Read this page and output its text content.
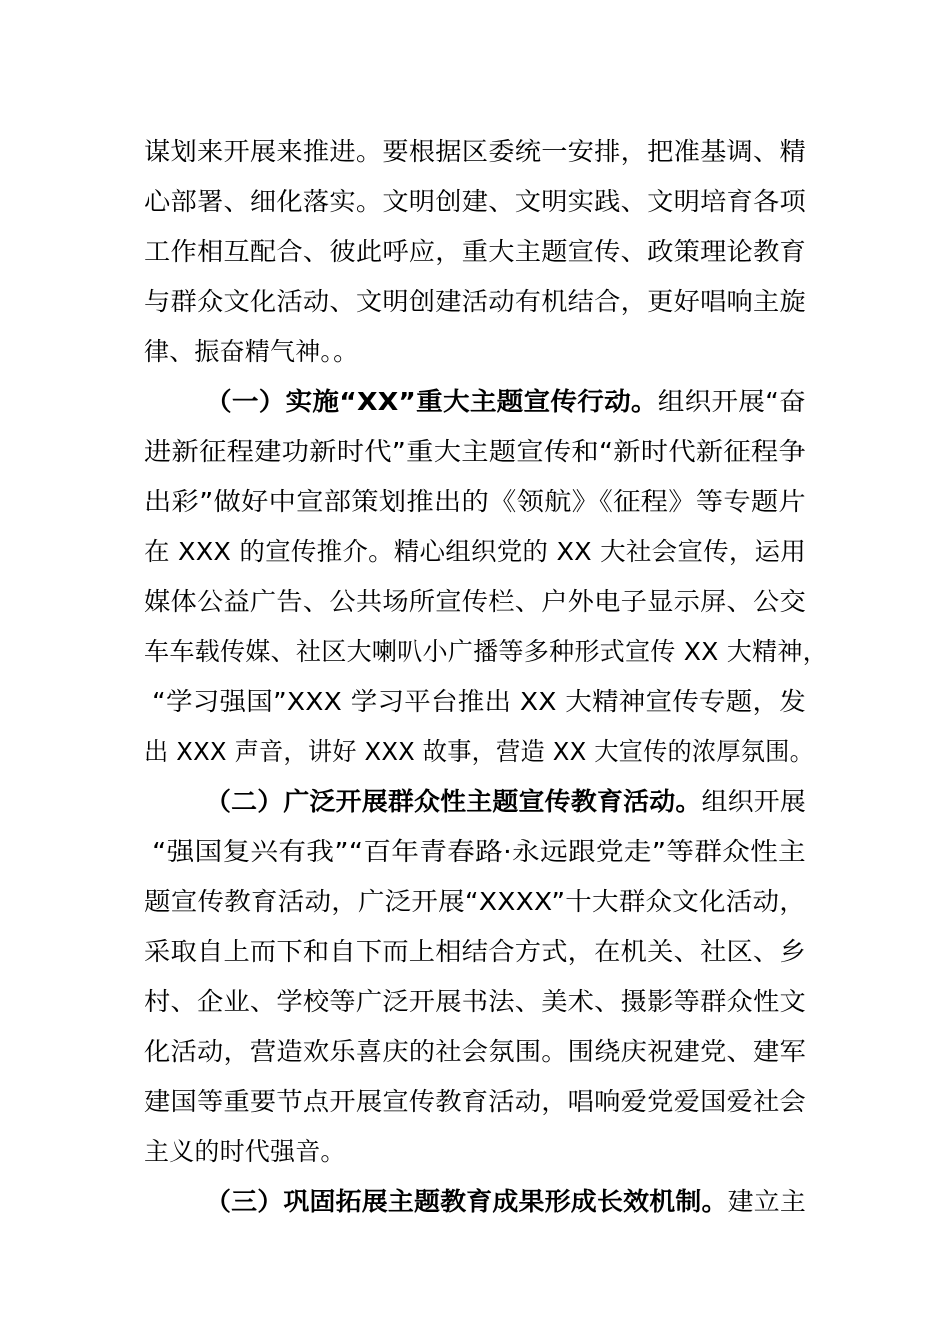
谋划来开展来推进。要根据区委统一安排，把准基调、精
心部署、细化落实。文明创建、文明实践、文明培育各项
工作相互配合、彼此呼应，重大主题宣传、政策理论教育
与群众文化活动、文明创建活动有机结合，更好唱响主旋
律、振奋精气神。。
（一）实施“XX”重大主题宣传行动。组织开展“奋
进新征程建功新时代”重大主题宣传和“新时代新征程争
出彩”做好中宣部策划推出的《领航》《征程》等专题片
在 XXX 的宣传推介。精心组织党的 XX 大社会宣传，运用
媒体公益广告、公共场所宣传栏、户外电子显示屏、公交
车车载传媒、社区大喇叭小广播等多种形式宣传 XX 大精神，
“学习强国”XXX 学习平台推出 XX 大精神宣传专题，发
出 XXX 声音，讲好 XXX 故事，营造 XX 大宣传的浓厚氛围。
（二）广泛开展群众性主题宣传教育活动。组织开展
“强国复兴有我”“百年青春路·永远跟党走”等群众性主
题宣传教育活动，广泛开展“XXXX”十大群众文化活动，
采取自上而下和自下而上相结合方式，在机关、社区、乡
村、企业、学校等广泛开展书法、美术、摄影等群众性文
化活动，营造欢乐喜庆的社会氛围。围绕庆祝建党、建军
建国等重要节点开展宣传教育活动，唱响爱党爱国爱社会
主义的时代强音。
（三）巩固拓展主题教育成果形成长效机制。建立主
